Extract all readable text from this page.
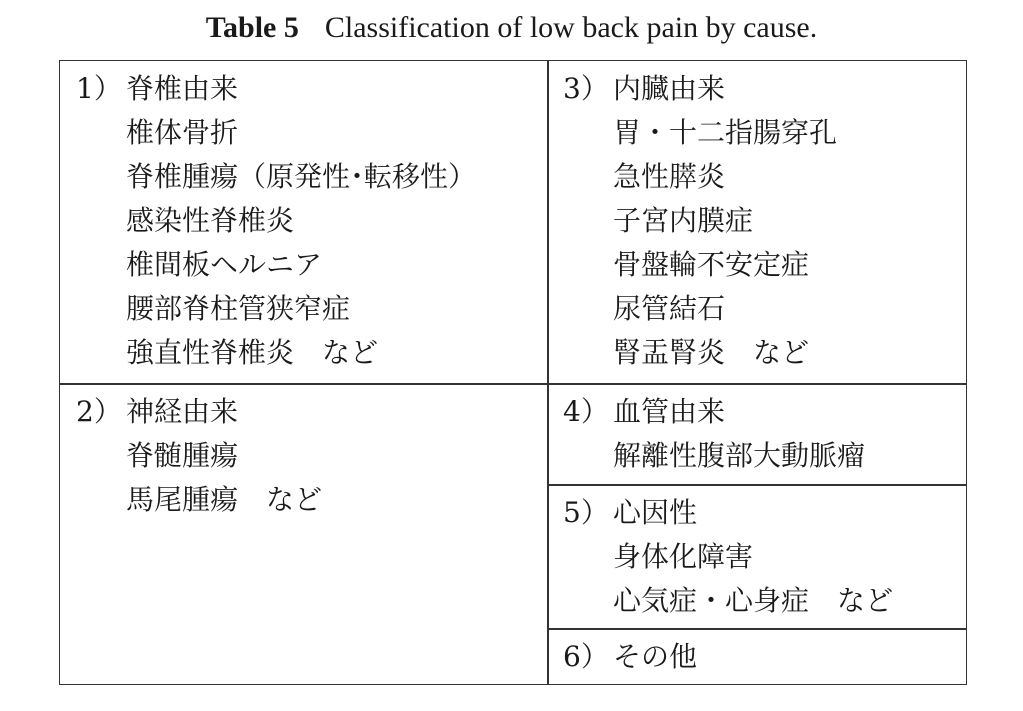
Table 5 Classification of low back pain by cause.
1） 脊椎由来
椎体骨折
脊椎腫瘍（原発性･転移性）
感染性脊椎炎
椎間板ヘルニア
腰部脊柱管狭窄症
強直性脊椎炎　など
2） 神経由来
脊髄腫瘍
馬尾腫瘍　など
3） 内臓由来
胃・十二指腸穿孔
急性膵炎
子宮内膜症
骨盤輪不安定症
尿管結石
腎盂腎炎　など
4） 血管由来
解離性腹部大動脈瘤
5） 心因性
身体化障害
心気症・心身症　など
6） その他
